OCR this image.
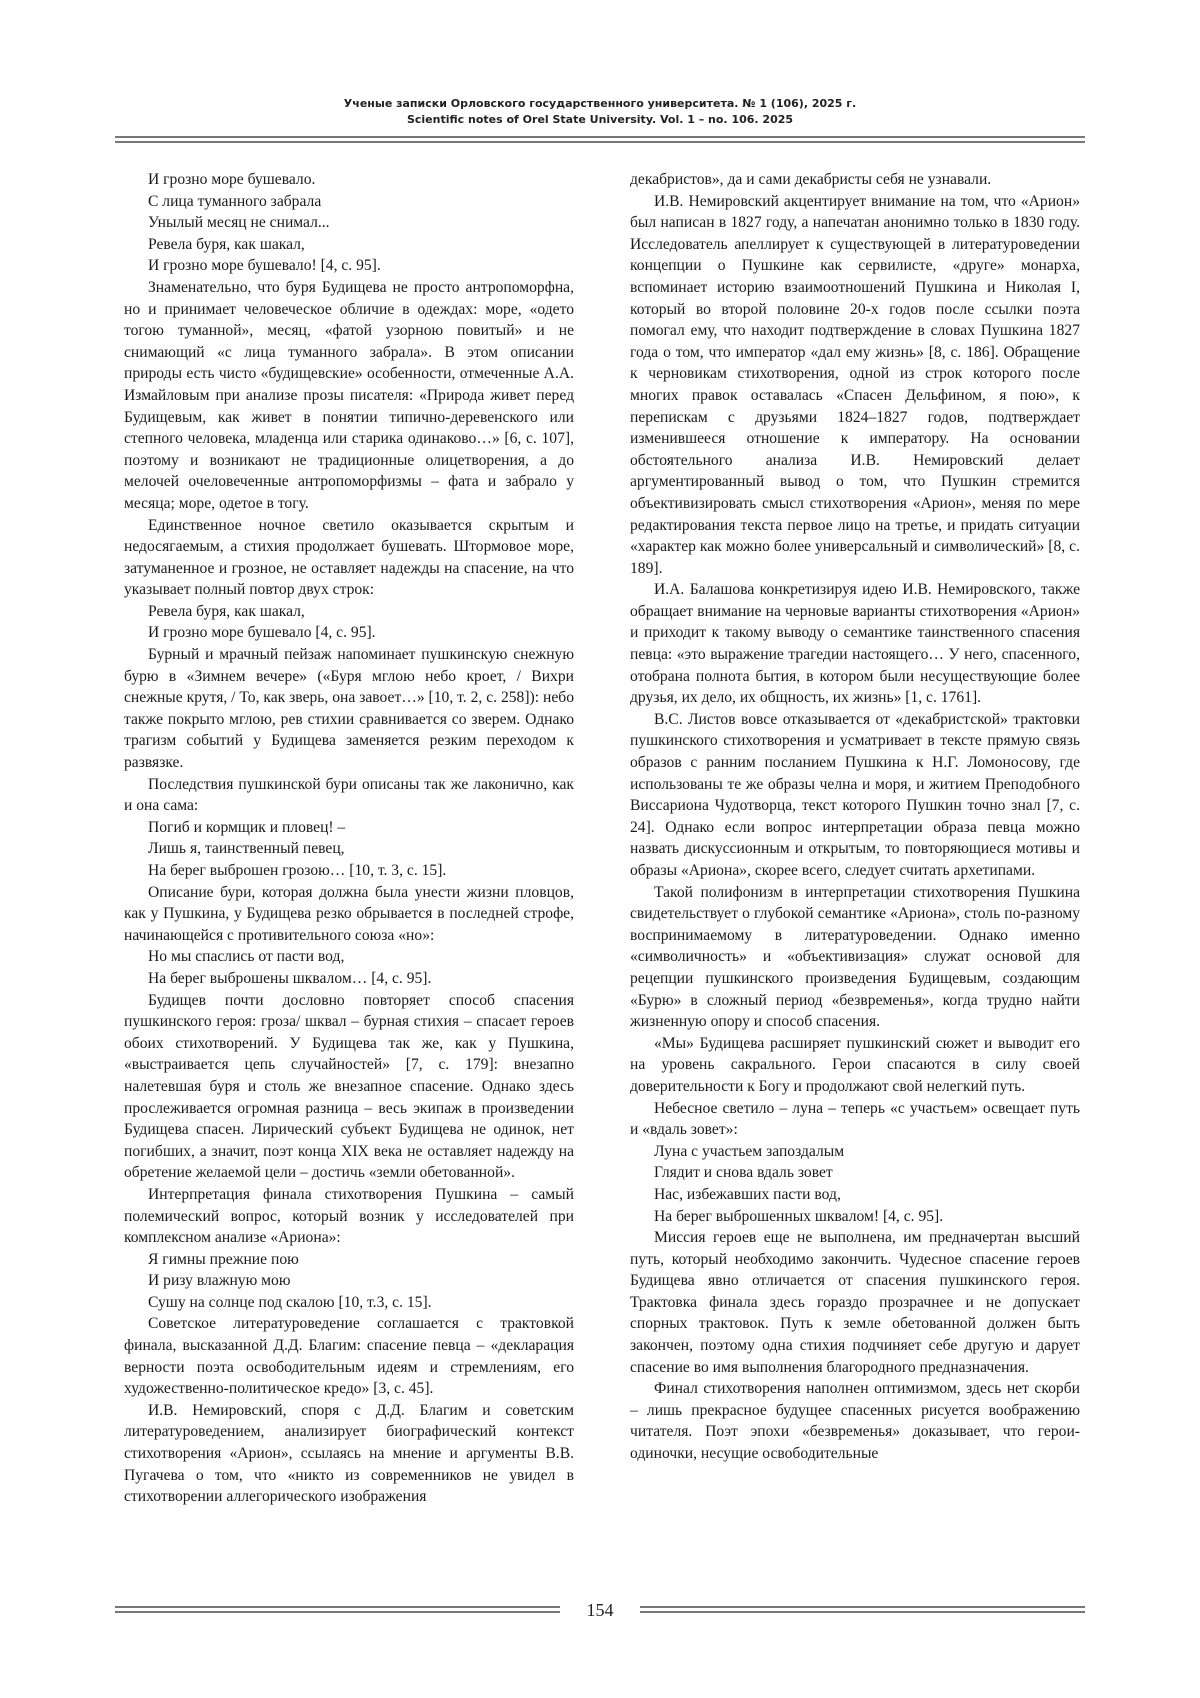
Ученые записки Орловского государственного университета. № 1 (106), 2025 г.
Scientific notes of Orel State University. Vol. 1 – no. 106. 2025

И грозно море бушевало.

С лица туманного забрала

Унылый месяц не снимал...

Ревела буря, как шакал,

И грозно море бушевало! [4, с. 95].

Знаменательно, что буря Будищева не просто антропоморфна, но и принимает человеческое обличие в одеждах: море, «одето тогою туманной», месяц, «фатой узорною повитый» и не снимающий «с лица туманного забрала». В этом описании природы есть чисто «будищевские» особенности, отмеченные А.А. Измайловым при анализе прозы писателя: «Природа живет перед Будищевым, как живет в понятии типично-деревенского или степного человека, младенца или старика одинаково…» [6, с. 107], поэтому и возникают не традиционные олицетворения, а до мелочей очеловеченные антропоморфизмы – фата и забрало у месяца; море, одетое в тогу.

Единственное ночное светило оказывается скрытым и недосягаемым, а стихия продолжает бушевать. Штормовое море, затуманенное и грозное, не оставляет надежды на спасение, на что указывает полный повтор двух строк:

Ревела буря, как шакал,

И грозно море бушевало [4, с. 95].

Бурный и мрачный пейзаж напоминает пушкинскую снежную бурю в «Зимнем вечере» («Буря мглою небо кроет, / Вихри снежные крутя, / То, как зверь, она завоет…» [10, т. 2, с. 258]): небо также покрыто мглою, рев стихии сравнивается со зверем. Однако трагизм событий у Будищева заменяется резким переходом к развязке.

Последствия пушкинской бури описаны так же лаконично, как и она сама:

Погиб и кормщик и пловец! –

Лишь я, таинственный певец,

На берег выброшен грозою… [10, т. 3, с. 15].

Описание бури, которая должна была унести жизни пловцов, как у Пушкина, у Будищева резко обрывается в последней строфе, начинающейся с противительного союза «но»:

Но мы спаслись от пасти вод,

На берег выброшены шквалом… [4, с. 95].

Будищев почти дословно повторяет способ спасения пушкинского героя: гроза/ шквал – бурная стихия – спасает героев обоих стихотворений. У Будищева так же, как у Пушкина, «выстраивается цепь случайностей» [7, с. 179]: внезапно налетевшая буря и столь же внезапное спасение. Однако здесь прослеживается огромная разница – весь экипаж в произведении Будищева спасен. Лирический субъект Будищева не одинок, нет погибших, а значит, поэт конца XIX века не оставляет надежду на обретение желаемой цели – достичь «земли обетованной».

Интерпретация финала стихотворения Пушкина – самый полемический вопрос, который возник у исследователей при комплексном анализе «Ариона»:

Я гимны прежние пою

И ризу влажную мою

Сушу на солнце под скалою [10, т.3, с. 15].

Советское литературоведение соглашается с трактовкой финала, высказанной Д.Д. Благим: спасение певца – «декларация верности поэта освободительным идеям и стремлениям, его художественно-политическое кредо» [3, с. 45].

И.В. Немировский, споря с Д.Д. Благим и советским литературоведением, анализирует биографический контекст стихотворения «Арион», ссылаясь на мнение и аргументы В.В. Пугачева о том, что «никто из современников не увидел в стихотворении аллегорического изображения

декабристов», да и сами декабристы себя не узнавали.

И.В. Немировский акцентирует внимание на том, что «Арион» был написан в 1827 году, а напечатан анонимно только в 1830 году. Исследователь апеллирует к существующей в литературоведении концепции о Пушкине как сервилисте, «друге» монарха, вспоминает историю взаимоотношений Пушкина и Николая I, который во второй половине 20-х годов после ссылки поэта помогал ему, что находит подтверждение в словах Пушкина 1827 года о том, что император «дал ему жизнь» [8, с. 186]. Обращение к черновикам стихотворения, одной из строк которого после многих правок оставалась «Спасен Дельфином, я пою», к перепискам с друзьями 1824–1827 годов, подтверждает изменившееся отношение к императору. На основании обстоятельного анализа И.В. Немировский делает аргументированный вывод о том, что Пушкин стремится объективизировать смысл стихотворения «Арион», меняя по мере редактирования текста первое лицо на третье, и придать ситуации «характер как можно более универсальный и символический» [8, с. 189].

И.А. Балашова конкретизируя идею И.В. Немировского, также обращает внимание на черновые варианты стихотворения «Арион» и приходит к такому выводу о семантике таинственного спасения певца: «это выражение трагедии настоящего… У него, спасенного, отобрана полнота бытия, в котором были несуществующие более друзья, их дело, их общность, их жизнь» [1, с. 1761].

В.С. Листов вовсе отказывается от «декабристской» трактовки пушкинского стихотворения и усматривает в тексте прямую связь образов с ранним посланием Пушкина к Н.Г. Ломоносову, где использованы те же образы челна и моря, и житием Преподобного Виссариона Чудотворца, текст которого Пушкин точно знал [7, с. 24]. Однако если вопрос интерпретации образа певца можно назвать дискуссионным и открытым, то повторяющиеся мотивы и образы «Ариона», скорее всего, следует считать архетипами.

Такой полифонизм в интерпретации стихотворения Пушкина свидетельствует о глубокой семантике «Ариона», столь по-разному воспринимаемому в литературоведении. Однако именно «символичность» и «объективизация» служат основой для рецепции пушкинского произведения Будищевым, создающим «Бурю» в сложный период «безвременья», когда трудно найти жизненную опору и способ спасения.

«Мы» Будищева расширяет пушкинский сюжет и выводит его на уровень сакрального. Герои спасаются в силу своей доверительности к Богу и продолжают свой нелегкий путь.

Небесное светило – луна – теперь «с участьем» освещает путь и «вдаль зовет»:

Луна с участьем запоздалым

Глядит и снова вдаль зовет

Нас, избежавших пасти вод,

На берег выброшенных шквалом! [4, с. 95].

Миссия героев еще не выполнена, им предначертан высший путь, который необходимо закончить. Чудесное спасение героев Будищева явно отличается от спасения пушкинского героя. Трактовка финала здесь гораздо прозрачнее и не допускает спорных трактовок. Путь к земле обетованной должен быть закончен, поэтому одна стихия подчиняет себе другую и дарует спасение во имя выполнения благородного предназначения.

Финал стихотворения наполнен оптимизмом, здесь нет скорби – лишь прекрасное будущее спасенных рисуется воображению читателя. Поэт эпохи «безвременья» доказывает, что герои-одиночки, несущие освободительные

154
